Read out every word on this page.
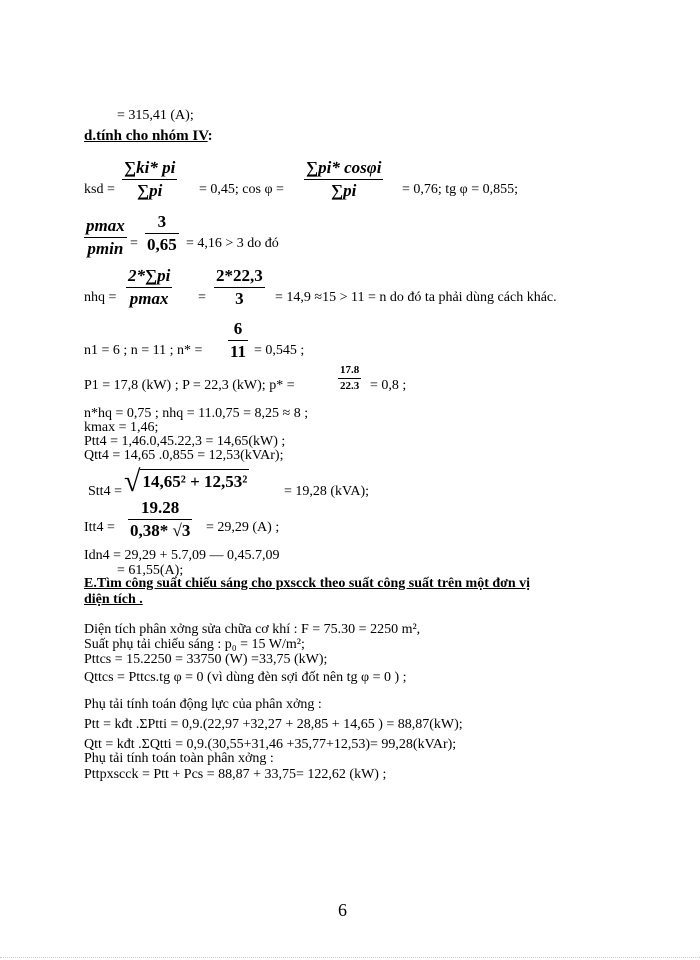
= 315,41 (A);
d.tính cho nhóm IV:
ksd = $\frac{\sum ki* pi}{\sum pi} = 0,45$; $\cos \varphi = \frac{\sum pi* \cos\varphi i}{\sum pi} = 0,76$; tg φ = 0,855;
pmax
$pmin = \frac{3}{0,65} = 4,16 > 3$ do đó
nhq =
2*∑pi
$pmax = \frac{2*22,3}{3} = 14,9 \approx 15 > 11 = n$ do đó ta phải dùng cách khác.
n1 = 6 ; n = 11 ; $n* = \frac{6}{11} = 0,545$ ;
P1 = 17,8 (kW) ; P = 22,3 (kW); p* =	$\frac{17.8}{22.3} = 0,8$ ;
n*hq = 0,75 ; nhq = 11.0,75 = 8,25 ≈ 8 ;
kmax = 1,46;
Ptt4 = 1,46.0,45.22,3 = 14,65(kW) ;
Qtt4 = 14,65 .0,855 = 12,53(kVAr);
Stt4 = √ 14,65² + 12,53²
= 19,28 (kVA);
$Itt4 = \frac{19.28}{0,38* √3} = 29,29$ (A) ;
Idn4 = 29,29 + 5.7,09 — 0,45.7,09
= 61,55(A);
E.Tìm công suất chiếu sáng cho pxscck theo suất công suất trên một đơn vị
diện tích .
Diện tích phân xởng sửa chữa cơ khí : F = 75.30 = 2250 m²,
Suất phụ tải chiếu sáng : p₀ = 15 W/m²;
Pttcs = 15.2250 = 33750 (W) =33,75 (kW);
Qttcs = Pttcs.tg φ = 0 (vì dùng đèn sợi đốt nên tg φ = 0 ) ;
Phụ tải tính toán động lực của phân xởng :
Ptt = kđt .ΣPtti = 0,9.(22,97 +32,27 + 28,85 + 14,65 ) = 88,87(kW);
Qtt = kđt .ΣQtti = 0,9.(30,55+31,46 +35,77+12,53)= 99,28(kVAr);
Phụ tải tính toán toàn phân xởng :
Pttpxscck = Ptt + Pcs = 88,87 + 33,75= 122,62 (kW) ;
6
